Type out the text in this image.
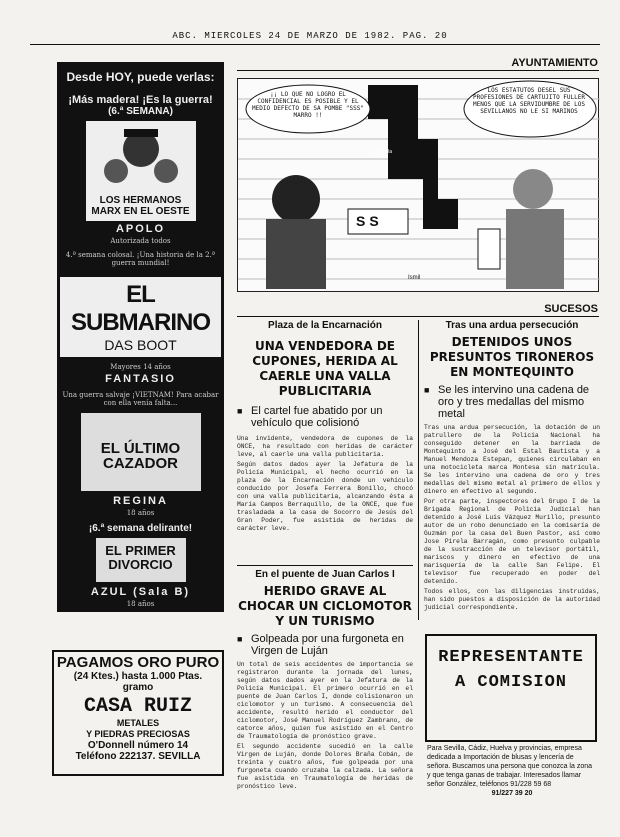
ABC. MIERCOLES 24 DE MARZO DE 1982. PAG. 20
Desde HOY, puede verlas:
¡Más madera! ¡Es la guerra!
(6.ª SEMANA)
LOS HERMANOS MARX EN EL OESTE
APOLO
Autorizada todos
4.ª semana colosal. ¡Una historia de la 2.ª guerra mundial!
EL SUBMARINO
DAS BOOT
Mayores 14 años
FANTASIO
Una guerra salvaje ¡VIETNAM! Para acabar con ella venía falta...
EL ÚLTIMO CAZADOR
REGINA
18 años
¡6.ª semana delirante!
EL PRIMER DIVORCIO
AZUL (Sala B)
18 años
PAGAMOS ORO PURO
(24 Ktes.) hasta 1.000 Ptas.
gramo
CASA RUIZ
METALES
Y PIEDRAS PRECIOSAS
O'Donnell número 14
Teléfono 222137. SEVILLA
AYUNTAMIENTO
¡¡ LO QUE NO LOGRO EL CONFIDENCIAL ES POSIBLE Y EL MEDIO DEFECTO DE SA POMBE "SSS" MARRO !!
LOS ESTATUTOS DESEL SUS PROFESIONES DE CARTUJITO FULLER MENOS QUE LA SERVIDUMBRE DE LOS SEVILLANOS NO LE SI MARINOS
SS
fanfanilla
Ismil
SUCESOS
Plaza de la Encarnación
UNA VENDEDORA DE CUPONES, HERIDA AL CAERLE UNA VALLA PUBLICITARIA
■ El cartel fue abatido por un vehículo que colisionó
Una invidente, vendedora de cupones de la ONCE, ha resultado con heridas de carácter leve, al caerle una valla publicitaria.
Según datos dados ayer la Jefatura de la Policía Municipal, el hecho ocurrió en la plaza de la Encarnación donde un vehículo conducido por Josefa Ferrera Bonillo, chocó con una valla publicitaria, alcanzando ésta a María Campos Berraquillo, de la ONCE, que fue trasladada a la casa de Socorro de Jesús del Gran Poder, fue asistida de heridas de carácter leve.
En el puente de Juan Carlos I
HERIDO GRAVE AL CHOCAR UN CICLOMOTOR Y UN TURISMO
■ Golpeada por una furgoneta en Virgen de Luján
Un total de seis accidentes de importancia se registraron durante la jornada del lunes, según datos dados ayer en la Jefatura de la Policía Municipal. El primero ocurrió en el puente de Juan Carlos I, donde colisionaron un ciclomotor y un turismo. A consecuencia del accidente, resultó herido el conductor del ciclomotor, José Manuel Rodríguez Zambrano, de catorce años, quien fue asistido en el Centro de Traumatología de pronóstico grave.
El segundo accidente sucedió en la calle Virgen de Luján, donde Dolores Braña Cobán, de treinta y cuatro años, fue golpeada por una furgoneta cuando cruzaba la calzada. La señora fue asistida en Traumatología de heridas de pronóstico leve.
Tras una ardua persecución
DETENIDOS UNOS PRESUNTOS TIRONEROS EN MONTEQUINTO
■ Se les intervino una cadena de oro y tres medallas del mismo metal
Tras una ardua persecución, la dotación de un patrullero de la Policía Nacional ha conseguido detener en la barriada de Montequinto a José del Estal Bautista y a Manuel Mendoza Estepan, quienes circulaban en una motocicleta marca Montesa sin matrícula. Se les intervino una cadena de oro y tres medallas del mismo metal al primero de ellos y dinero en efectivo al segundo.
Por otra parte, inspectores del Grupo I de la Brigada Regional de Policía Judicial han detenido a José Luis Vázquez Murillo, presunto autor de un robo denunciado en la comisaría de Guzmán por la casa del Buen Pastor, así como Jose Pirela Barragán, como presunto culpable de la sustracción de un televisor portátil, mariscos y dinero en efectivo de una marisquería de la calle San Felipe. El televisor fue recuperado en poder del detenido.
Todos ellos, con las diligencias instruidas, han sido puestos a disposición de la autoridad judicial correspondiente.
REPRESENTANTE
A COMISION
Para Sevilla, Cádiz, Huelva y provincias, empresa dedicada a Importación de blusas y lencería de señora. Buscamos una persona que conozca la zona y que tenga ganas de trabajar. Interesados llamar señor González, teléfonos 91/228 59 68
91/227 39 20
